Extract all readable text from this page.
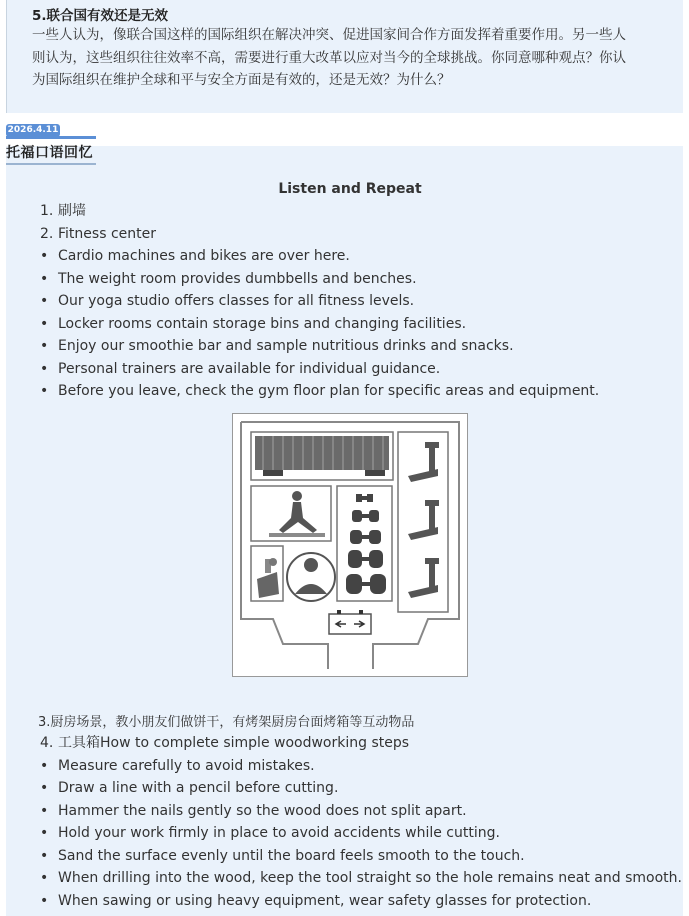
5.联合国有效还是无效
一些人认为，像联合国这样的国际组织在解决冲突、促进国家间合作方面发挥着重要作用。另一些人
则认为，这些组织往往效率不高，需要进行重大改革以应对当今的全球挑战。你同意哪种观点？你认
为国际组织在维护全球和平与安全方面是有效的，还是无效？为什么？
2026.4.11
托福口语回忆
Listen and Repeat
1. 刷墙
2. Fitness center
• Cardio machines and bikes are over here.
• The weight room provides dumbbells and benches.
• Our yoga studio offers classes for all fitness levels.
• Locker rooms contain storage bins and changing facilities.
• Enjoy our smoothie bar and sample nutritious drinks and snacks.
• Personal trainers are available for individual guidance.
• Before you leave, check the gym floor plan for specific areas and equipment.
3.厨房场景，教小朋友们做饼干，有烤架厨房台面烤箱等互动物品
4. 工具箱How to complete simple woodworking steps
• Measure carefully to avoid mistakes.
• Draw a line with a pencil before cutting.
• Hammer the nails gently so the wood does not split apart.
• Hold your work firmly in place to avoid accidents while cutting.
• Sand the surface evenly until the board feels smooth to the touch.
• When drilling into the wood, keep the tool straight so the hole remains neat and smooth.
• When sawing or using heavy equipment, wear safety glasses for protection.
